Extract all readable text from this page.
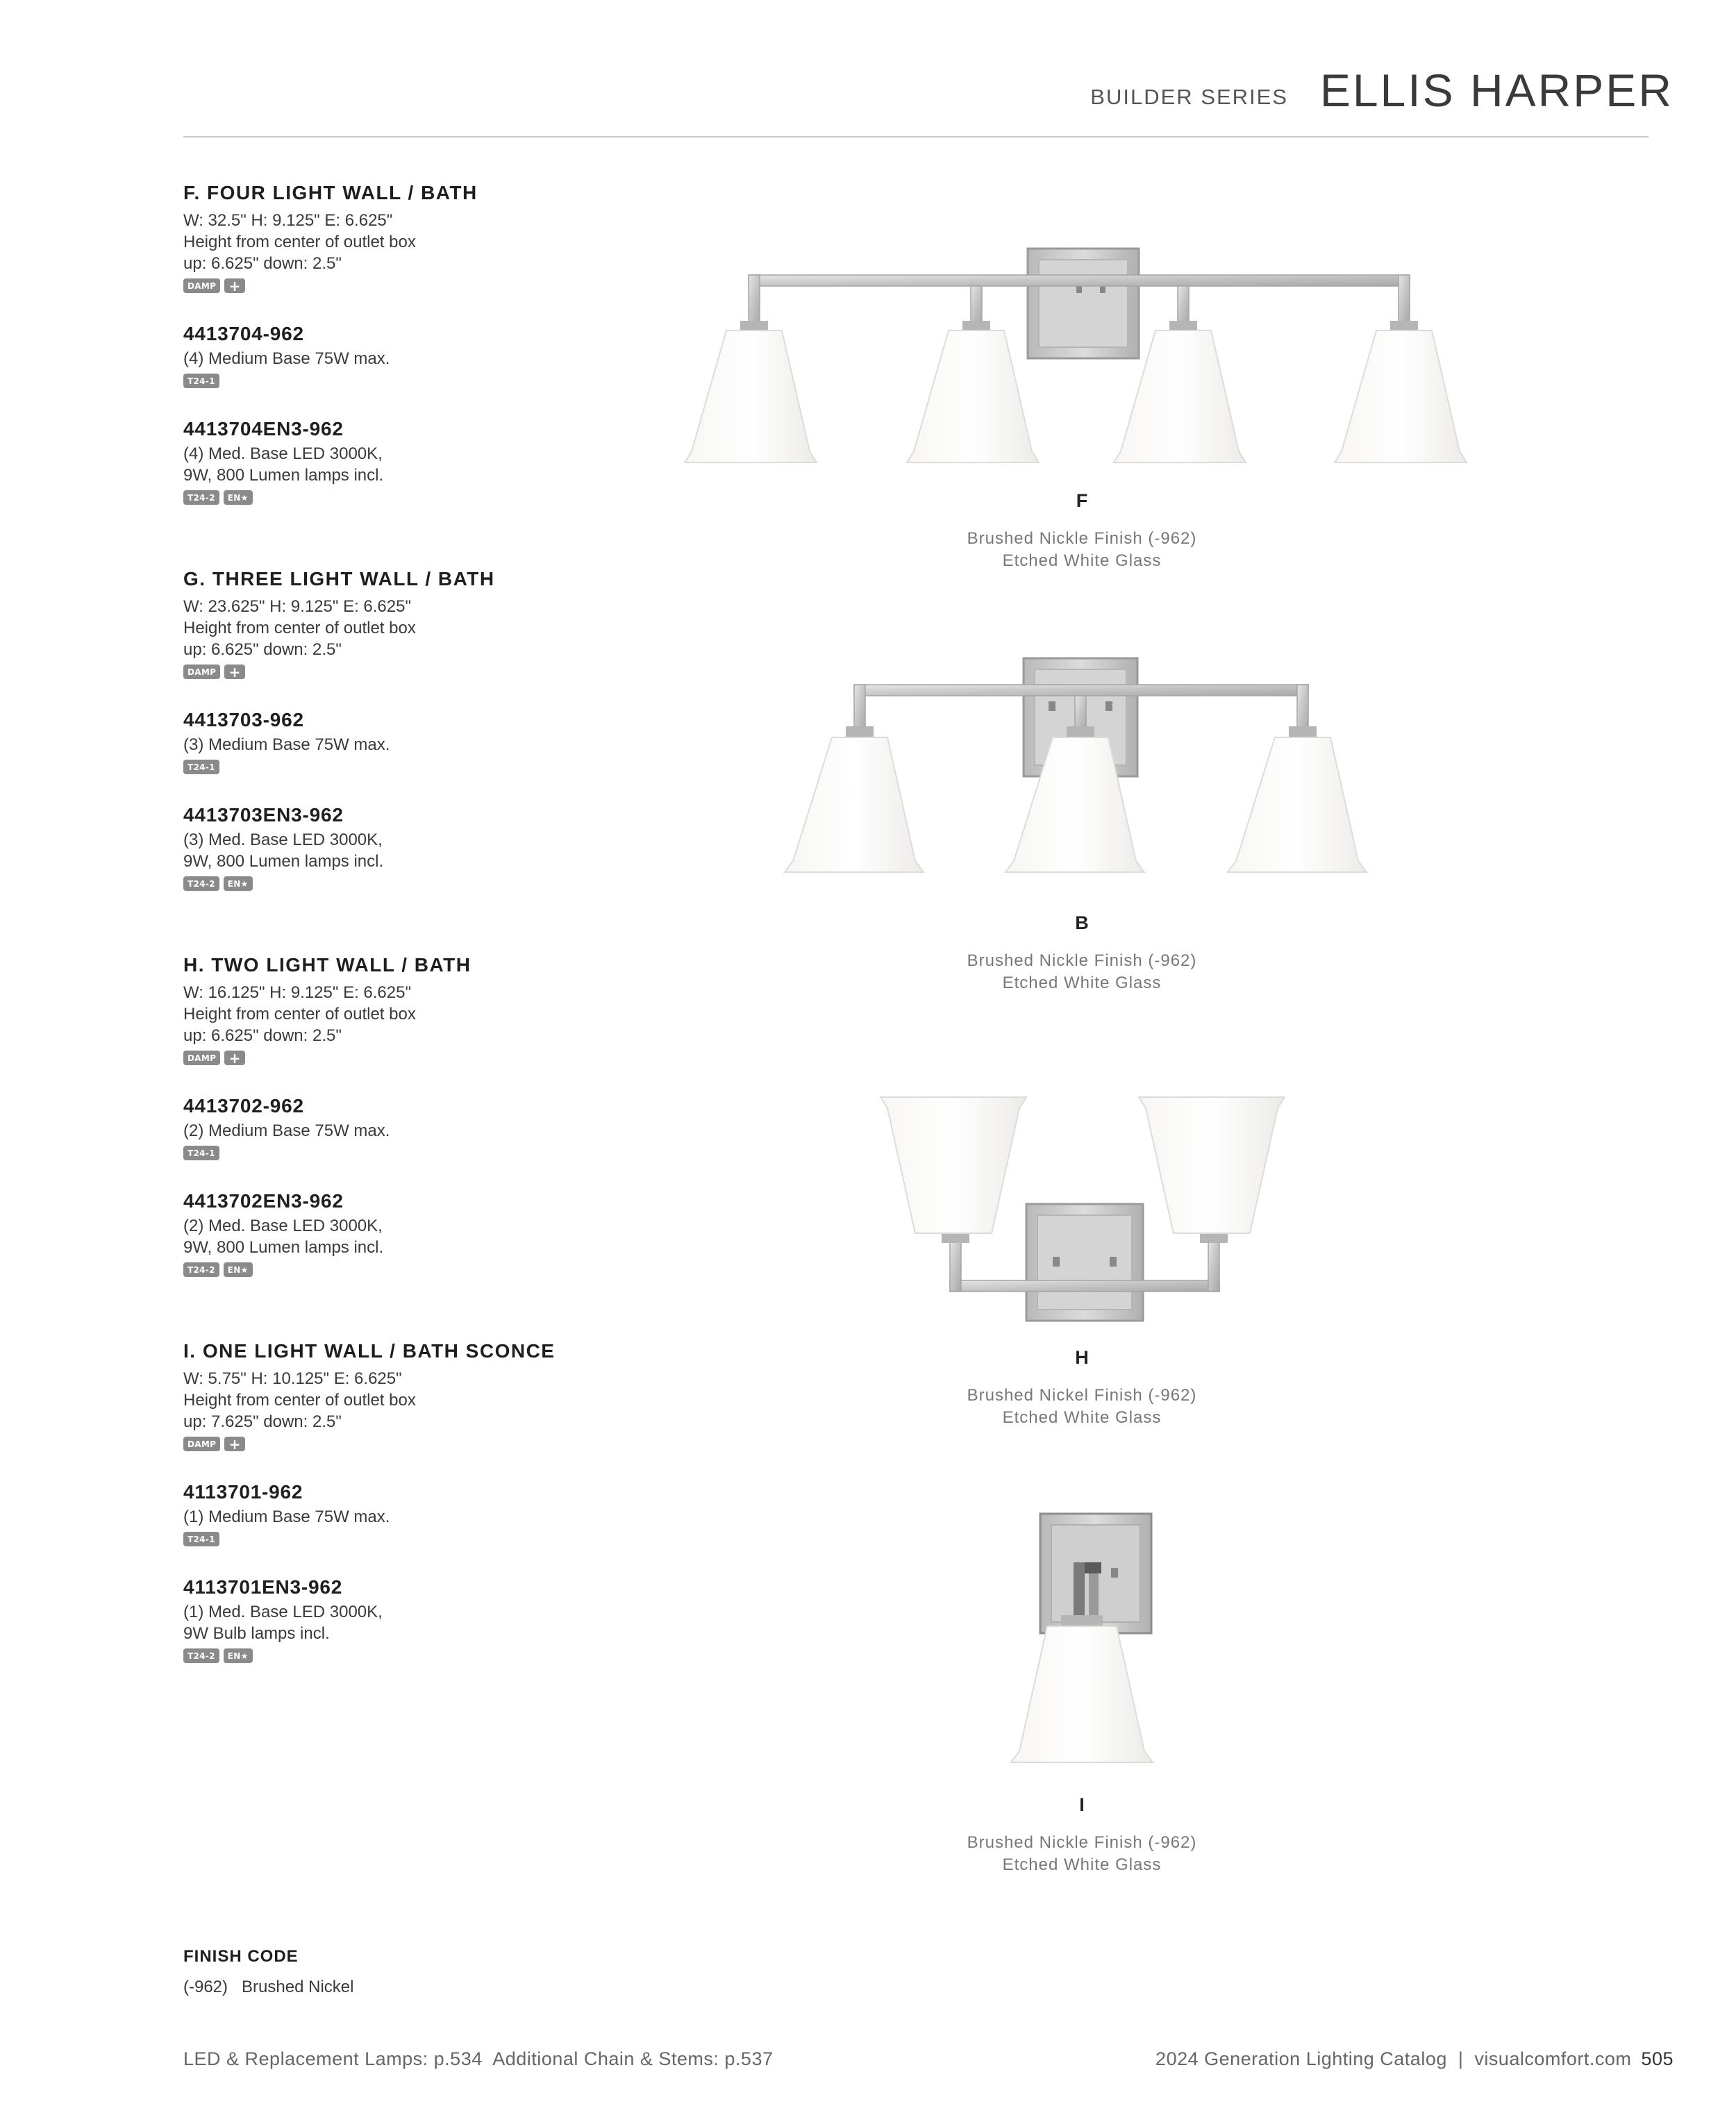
BUILDER SERIES ELLIS HARPER
F. FOUR LIGHT WALL / BATH
W: 32.5" H: 9.125" E: 6.625"
Height from center of outlet box
up: 6.625" down: 2.5"
DAMP +
4413704-962
(4) Medium Base 75W max.
T24-1
4413704EN3-962
(4) Med. Base LED 3000K,
9W, 800 Lumen lamps incl.
T24-2	EN★
G. THREE LIGHT WALL / BATH
W: 23.625" H: 9.125" E: 6.625"
Height from center of outlet box
up: 6.625" down: 2.5"
DAMP +
4413703-962
(3) Medium Base 75W max.
T24-1
4413703EN3-962
(3) Med. Base LED 3000K,
9W, 800 Lumen lamps incl.
T24-2	EN★
H. TWO LIGHT WALL / BATH
W: 16.125" H: 9.125" E: 6.625"
Height from center of outlet box
up: 6.625" down: 2.5"
DAMP +
4413702-962
(2) Medium Base 75W max.
T24-1
4413702EN3-962
(2) Med. Base LED 3000K,
9W, 800 Lumen lamps incl.
T24-2	EN★
I. ONE LIGHT WALL / BATH SCONCE
W: 5.75" H: 10.125" E: 6.625"
Height from center of outlet box
up: 7.625" down: 2.5"
DAMP +
4113701-962
(1) Medium Base 75W max.
T24-1
4113701EN3-962
(1) Med. Base LED 3000K,
9W Bulb lamps incl.
T24-2	EN★
F
Brushed Nickle Finish (-962)
Etched White Glass
B
Brushed Nickle Finish (-962)
Etched White Glass
H
Brushed Nickel Finish (-962)
Etched White Glass
I
Brushed Nickle Finish (-962)
Etched White Glass
FINISH CODE
(-962) Brushed Nickel
LED & Replacement Lamps: p.534  Additional Chain & Stems: p.537	2024 Generation Lighting Catalog  |  visualcomfort.com 505
